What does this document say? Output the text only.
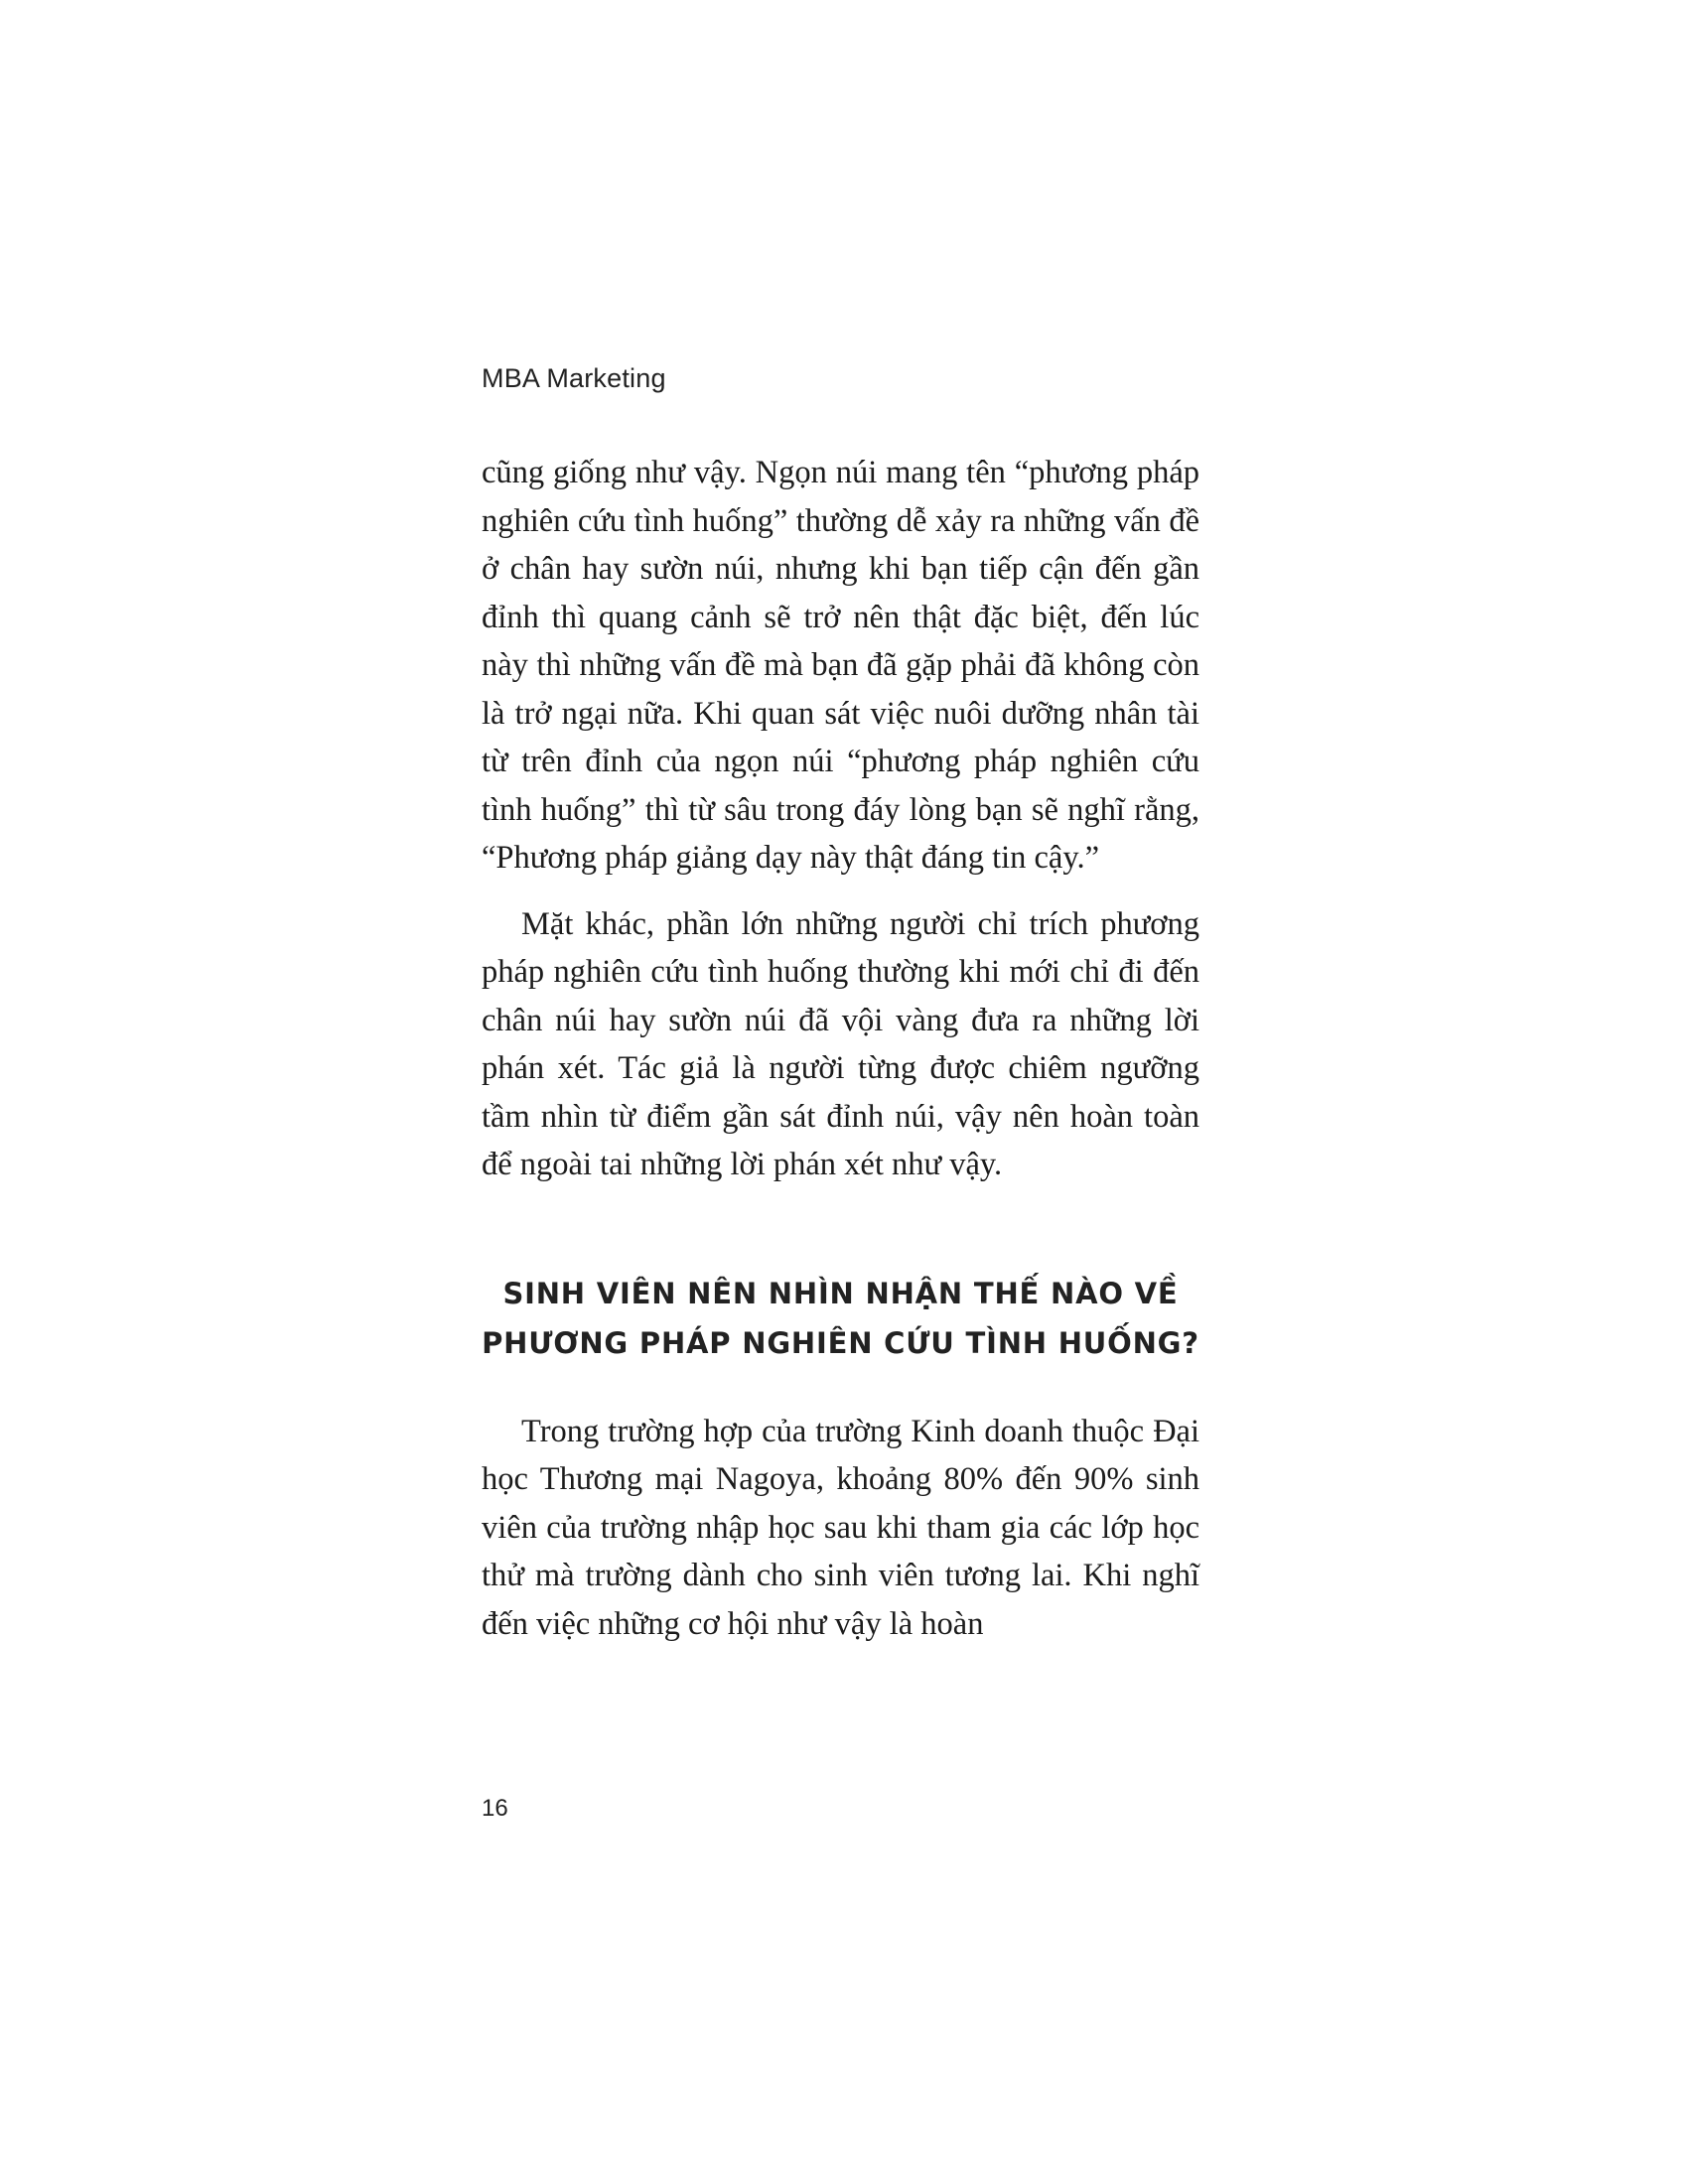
MBA Marketing

cũng giống như vậy. Ngọn núi mang tên “phương pháp nghiên cứu tình huống” thường dễ xảy ra những vấn đề ở chân hay sườn núi, nhưng khi bạn tiếp cận đến gần đỉnh thì quang cảnh sẽ trở nên thật đặc biệt, đến lúc này thì những vấn đề mà bạn đã gặp phải đã không còn là trở ngại nữa. Khi quan sát việc nuôi dưỡng nhân tài từ trên đỉnh của ngọn núi “phương pháp nghiên cứu tình huống” thì từ sâu trong đáy lòng bạn sẽ nghĩ rằng, “Phương pháp giảng dạy này thật đáng tin cậy.”

Mặt khác, phần lớn những người chỉ trích phương pháp nghiên cứu tình huống thường khi mới chỉ đi đến chân núi hay sườn núi đã vội vàng đưa ra những lời phán xét. Tác giả là người từng được chiêm ngưỡng tầm nhìn từ điểm gần sát đỉnh núi, vậy nên hoàn toàn để ngoài tai những lời phán xét như vậy.

SINH VIÊN NÊN NHÌN NHẬN THẾ NÀO VỀ
PHƯƠNG PHÁP NGHIÊN CỨU TÌNH HUỐNG?

Trong trường hợp của trường Kinh doanh thuộc Đại học Thương mại Nagoya, khoảng 80% đến 90% sinh viên của trường nhập học sau khi tham gia các lớp học thử mà trường dành cho sinh viên tương lai. Khi nghĩ đến việc những cơ hội như vậy là hoàn

16
